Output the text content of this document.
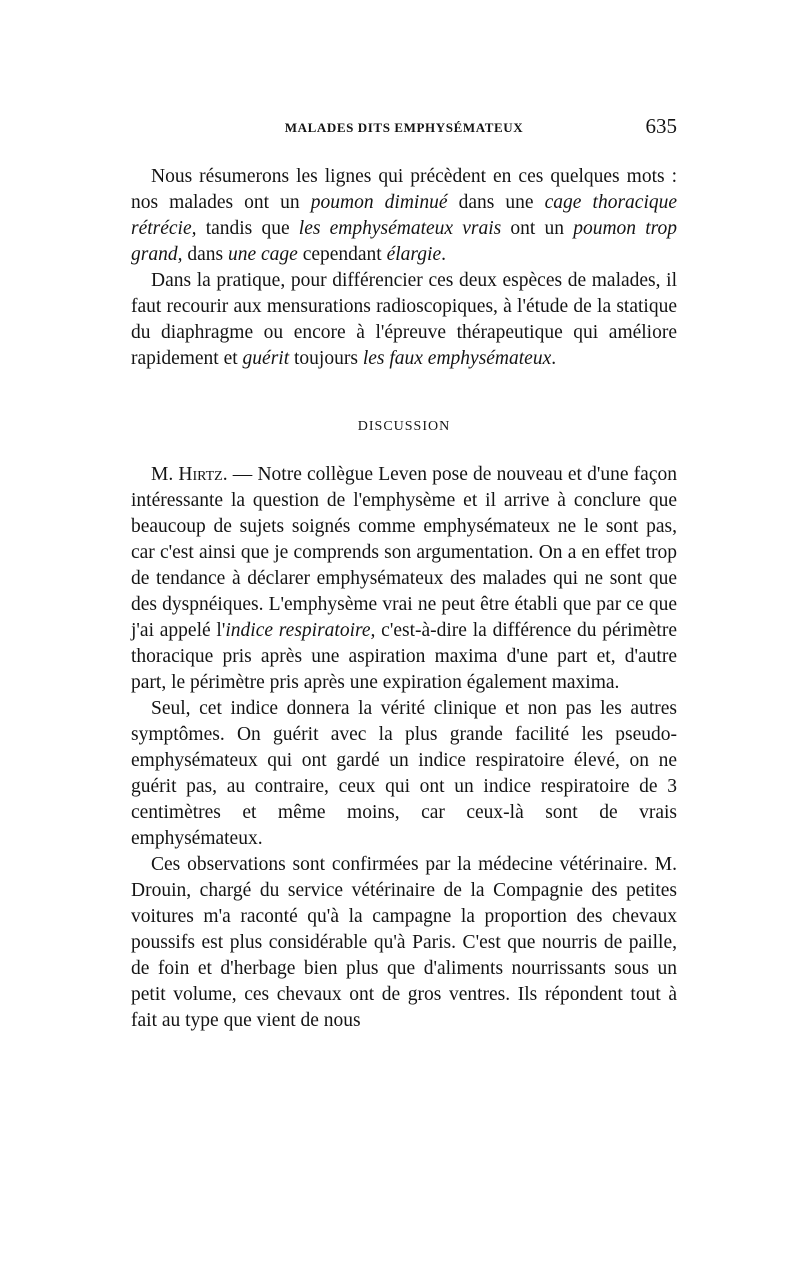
MALADES DITS EMPHYSÉMATEUX	635

Nous résumerons les lignes qui précèdent en ces quelques mots : nos malades ont un poumon diminué dans une cage thoracique rétrécie, tandis que les emphysémateux vrais ont un poumon trop grand, dans une cage cependant élargie.

Dans la pratique, pour différencier ces deux espèces de malades, il faut recourir aux mensurations radioscopiques, à l'étude de la statique du diaphragme ou encore à l'épreuve thérapeutique qui améliore rapidement et guérit toujours les faux emphysémateux.

DISCUSSION

M. Hirtz. — Notre collègue Leven pose de nouveau et d'une façon intéressante la question de l'emphysème et il arrive à conclure que beaucoup de sujets soignés comme emphysémateux ne le sont pas, car c'est ainsi que je comprends son argumentation. On a en effet trop de tendance à déclarer emphysémateux des malades qui ne sont que des dyspnéiques. L'emphysème vrai ne peut être établi que par ce que j'ai appelé l'indice respiratoire, c'est-à-dire la différence du périmètre thoracique pris après une aspiration maxima d'une part et, d'autre part, le périmètre pris après une expiration également maxima.

Seul, cet indice donnera la vérité clinique et non pas les autres symptômes. On guérit avec la plus grande facilité les pseudo-emphysémateux qui ont gardé un indice respiratoire élevé, on ne guérit pas, au contraire, ceux qui ont un indice respiratoire de 3 centimètres et même moins, car ceux-là sont de vrais emphysémateux.

Ces observations sont confirmées par la médecine vétérinaire. M. Drouin, chargé du service vétérinaire de la Compagnie des petites voitures m'a raconté qu'à la campagne la proportion des chevaux poussifs est plus considérable qu'à Paris. C'est que nourris de paille, de foin et d'herbage bien plus que d'aliments nourrissants sous un petit volume, ces chevaux ont de gros ventres. Ils répondent tout à fait au type que vient de nous
